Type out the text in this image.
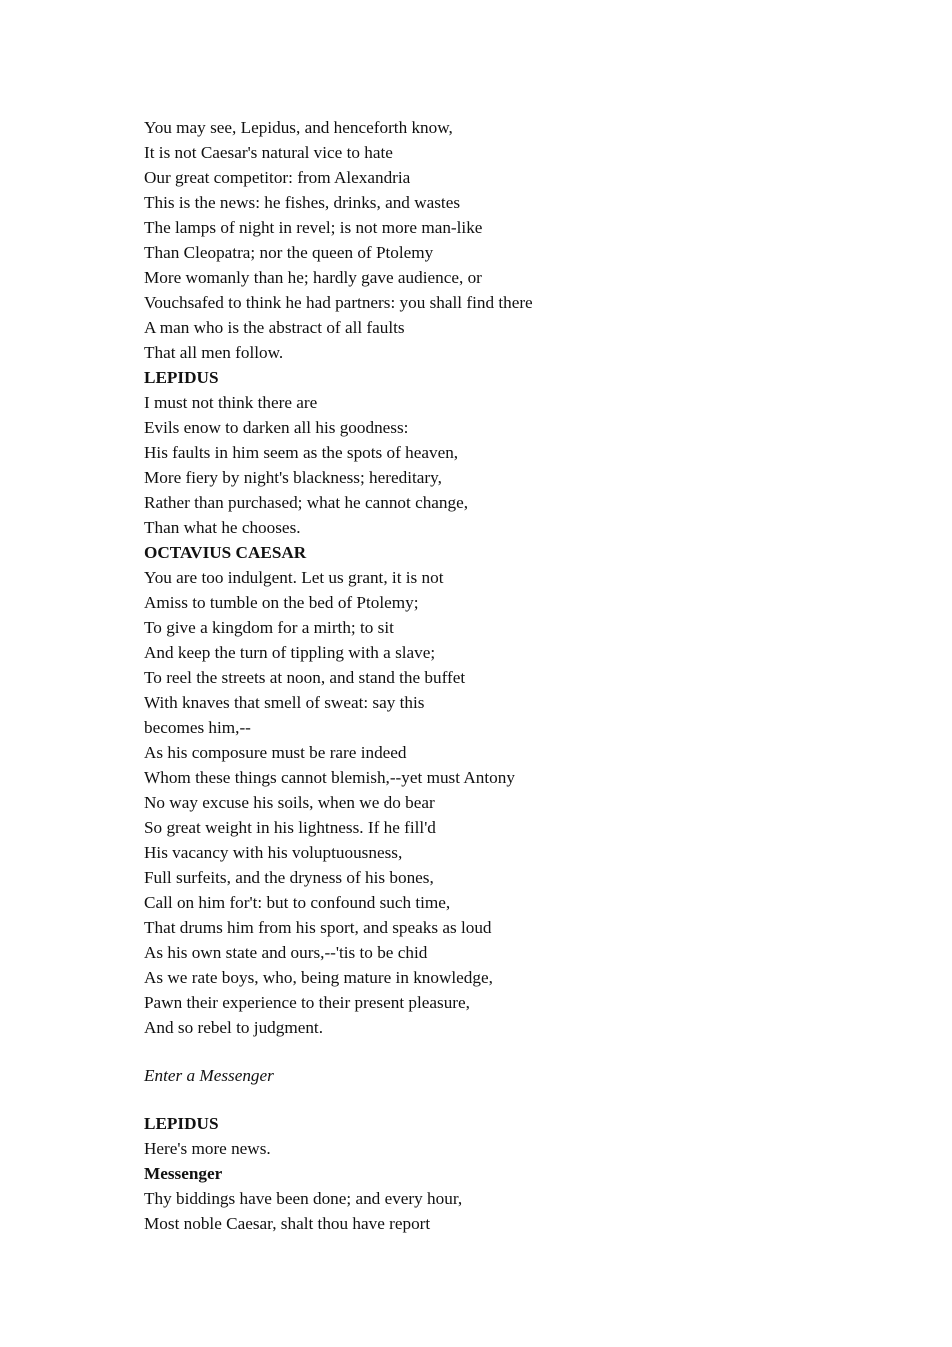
You may see, Lepidus, and henceforth know,
It is not Caesar's natural vice to hate
Our great competitor: from Alexandria
This is the news: he fishes, drinks, and wastes
The lamps of night in revel; is not more man-like
Than Cleopatra; nor the queen of Ptolemy
More womanly than he; hardly gave audience, or
Vouchsafed to think he had partners: you shall find there
A man who is the abstract of all faults
That all men follow.
LEPIDUS
I must not think there are
Evils enow to darken all his goodness:
His faults in him seem as the spots of heaven,
More fiery by night's blackness; hereditary,
Rather than purchased; what he cannot change,
Than what he chooses.
OCTAVIUS CAESAR
You are too indulgent. Let us grant, it is not
Amiss to tumble on the bed of Ptolemy;
To give a kingdom for a mirth; to sit
And keep the turn of tippling with a slave;
To reel the streets at noon, and stand the buffet
With knaves that smell of sweat: say this
becomes him,--
As his composure must be rare indeed
Whom these things cannot blemish,--yet must Antony
No way excuse his soils, when we do bear
So great weight in his lightness. If he fill'd
His vacancy with his voluptuousness,
Full surfeits, and the dryness of his bones,
Call on him for't: but to confound such time,
That drums him from his sport, and speaks as loud
As his own state and ours,--'tis to be chid
As we rate boys, who, being mature in knowledge,
Pawn their experience to their present pleasure,
And so rebel to judgment.
Enter a Messenger
LEPIDUS
Here's more news.
Messenger
Thy biddings have been done; and every hour,
Most noble Caesar, shalt thou have report
